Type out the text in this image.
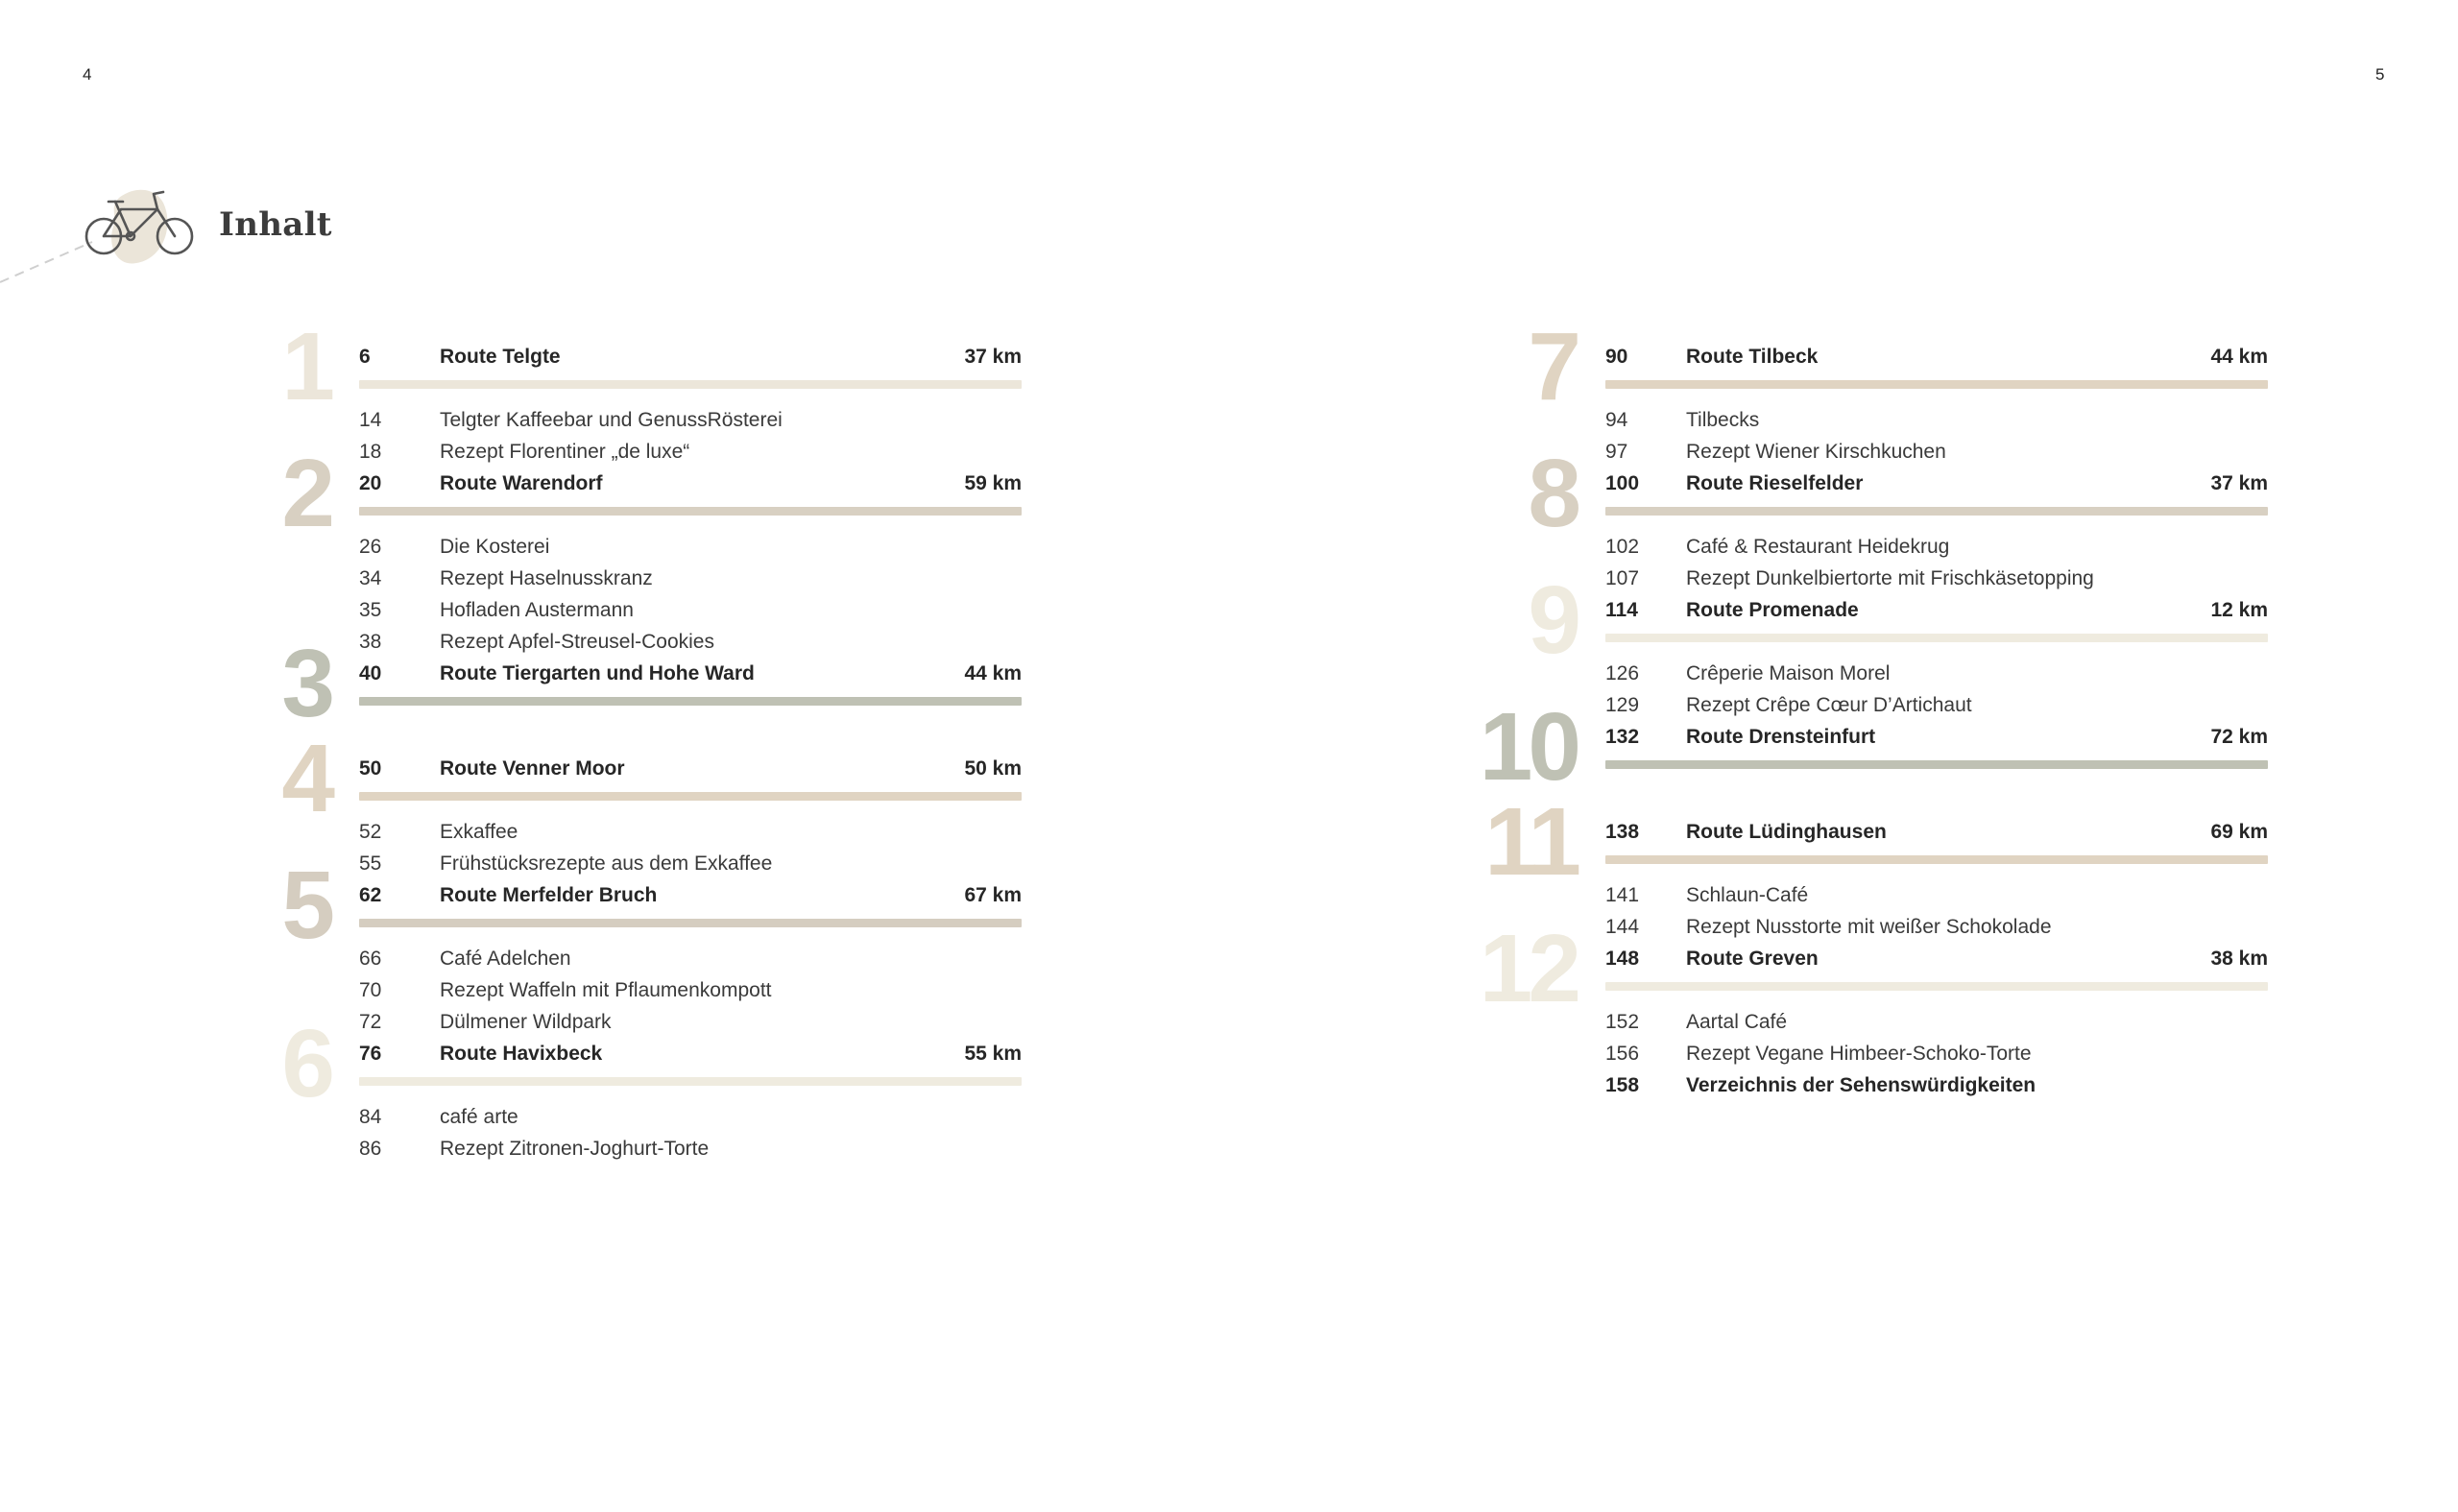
4	5
Inhalt
1 6	Route Telgte	37 km
14	Telgter Kaffeebar und GenussRösterei
18	Rezept Florentiner „de luxe“
2 20	Route Warendorf	59 km
26	Die Kosterei
34	Rezept Haselnusskranz
35	Hofladen Austermann
38	Rezept Apfel-Streusel-Cookies
3 40	Route Tiergarten und Hohe Ward	44 km
4 50	Route Venner Moor	50 km
52	Exkaffee
55	Frühstücksrezepte aus dem Exkaffee
5 62	Route Merfelder Bruch	67 km
66	Café Adelchen
70	Rezept Waffeln mit Pflaumenkompott
72	Dülmener Wildpark
6 76	Route Havixbeck	55 km
84	café arte
86	Rezept Zitronen-Joghurt-Torte
7 90	Route Tilbeck	44 km
94	Tilbecks
97	Rezept Wiener Kirschkuchen
8 100 Route Rieselfelder	37 km
102 Café & Restaurant Heidekrug
107 Rezept Dunkelbiertorte mit Frischkäsetopping
9 114 Route Promenade	12 km
126 Crêperie Maison Morel
129 Rezept Crêpe Cœur D’Artichaut
10 132 Route Drensteinfurt	72 km
11 138 Route Lüdinghausen	69 km
141 Schlaun-Café
144 Rezept Nusstorte mit weißer Schokolade
12 148 Route Greven	38 km
152 Aartal Café
156 Rezept Vegane Himbeer-Schoko-Torte
158 Verzeichnis der Sehenswürdigkeiten
